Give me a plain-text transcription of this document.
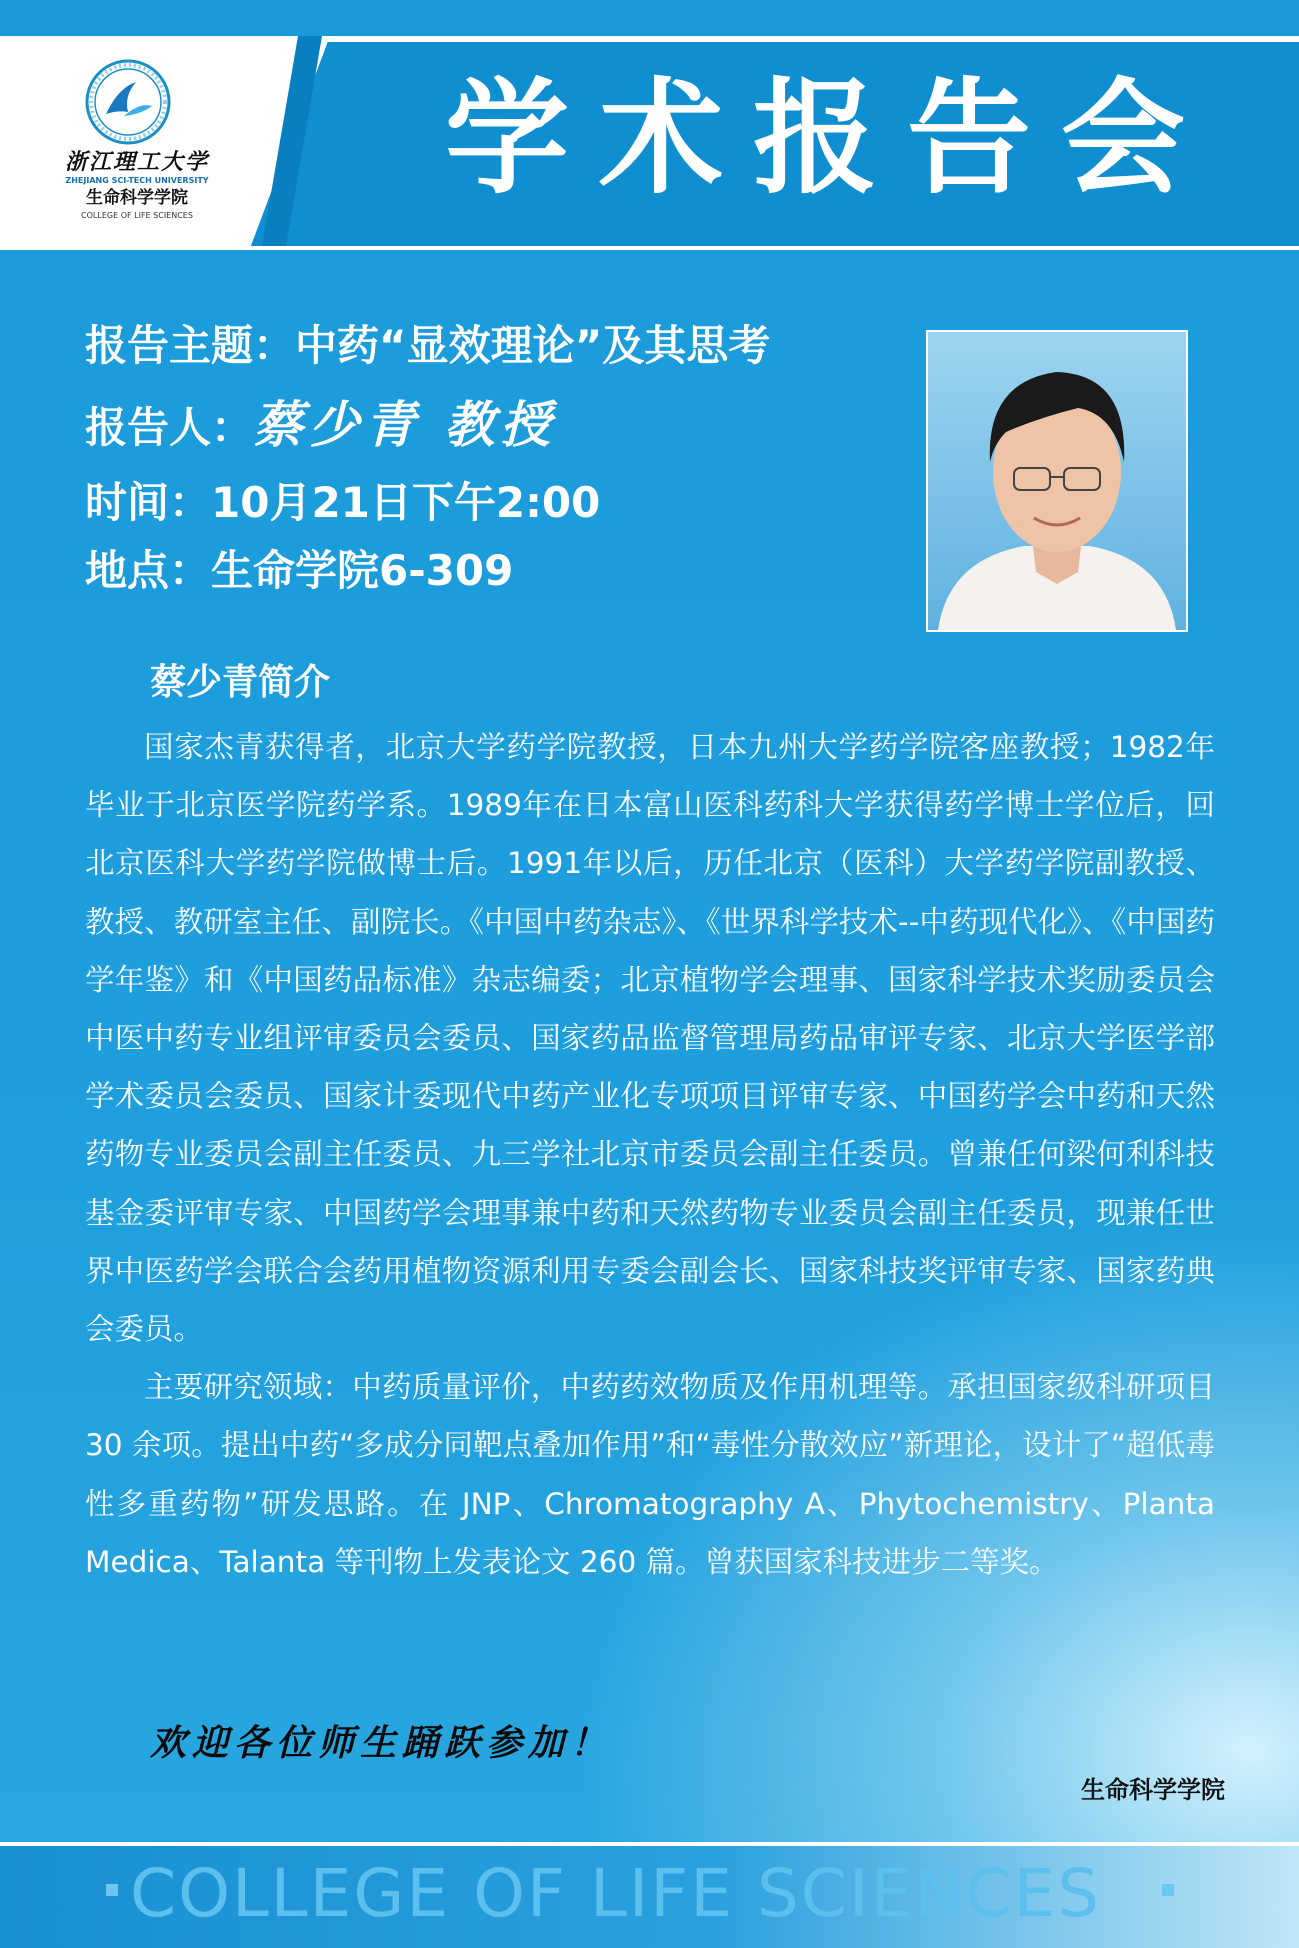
浙江理工大学
ZHEJIANG SCI-TECH UNIVERSITY
生命科学学院
COLLEGE OF LIFE SCIENCES
学术报告会
报告主题：中药“显效理论”及其思考
报告人：蔡少青 教授
时间：10月21日下午2:00
地点：生命学院6-309
蔡少青简介

国家杰青获得者，北京大学药学院教授，日本九州大学药学院客座教授；1982年毕业于北京医学院药学系。1989年在日本富山医科药科大学获得药学博士学位后，回北京医科大学药学院做博士后。1991年以后，历任北京（医科）大学药学院副教授、教授、教研室主任、副院长。《中国中药杂志》、《世界科学技术--中药现代化》、《中国药学年鉴》和《中国药品标准》杂志编委；北京植物学会理事、国家科学技术奖励委员会中医中药专业组评审委员会委员、国家药品监督管理局药品审评专家、北京大学医学部学术委员会委员、国家计委现代中药产业化专项项目评审专家、中国药学会中药和天然药物专业委员会副主任委员、九三学社北京市委员会副主任委员。曾兼任何梁何利科技基金委评审专家、中国药学会理事兼中药和天然药物专业委员会副主任委员，现兼任世界中医药学会联合会药用植物资源利用专委会副会长、国家科技奖评审专家、国家药典会委员。

主要研究领域：中药质量评价，中药药效物质及作用机理等。承担国家级科研项目30 余项。提出中药“多成分同靶点叠加作用”和“毒性分散效应”新理论，设计了“超低毒性多重药物”研发思路。在 JNP、Chromatography A、Phytochemistry、Planta Medica、Talanta 等刊物上发表论文 260 篇。曾获国家科技进步二等奖。

欢迎各位师生踊跃参加！
生命科学学院
COLLEGE OF LIFE SCIENCES
